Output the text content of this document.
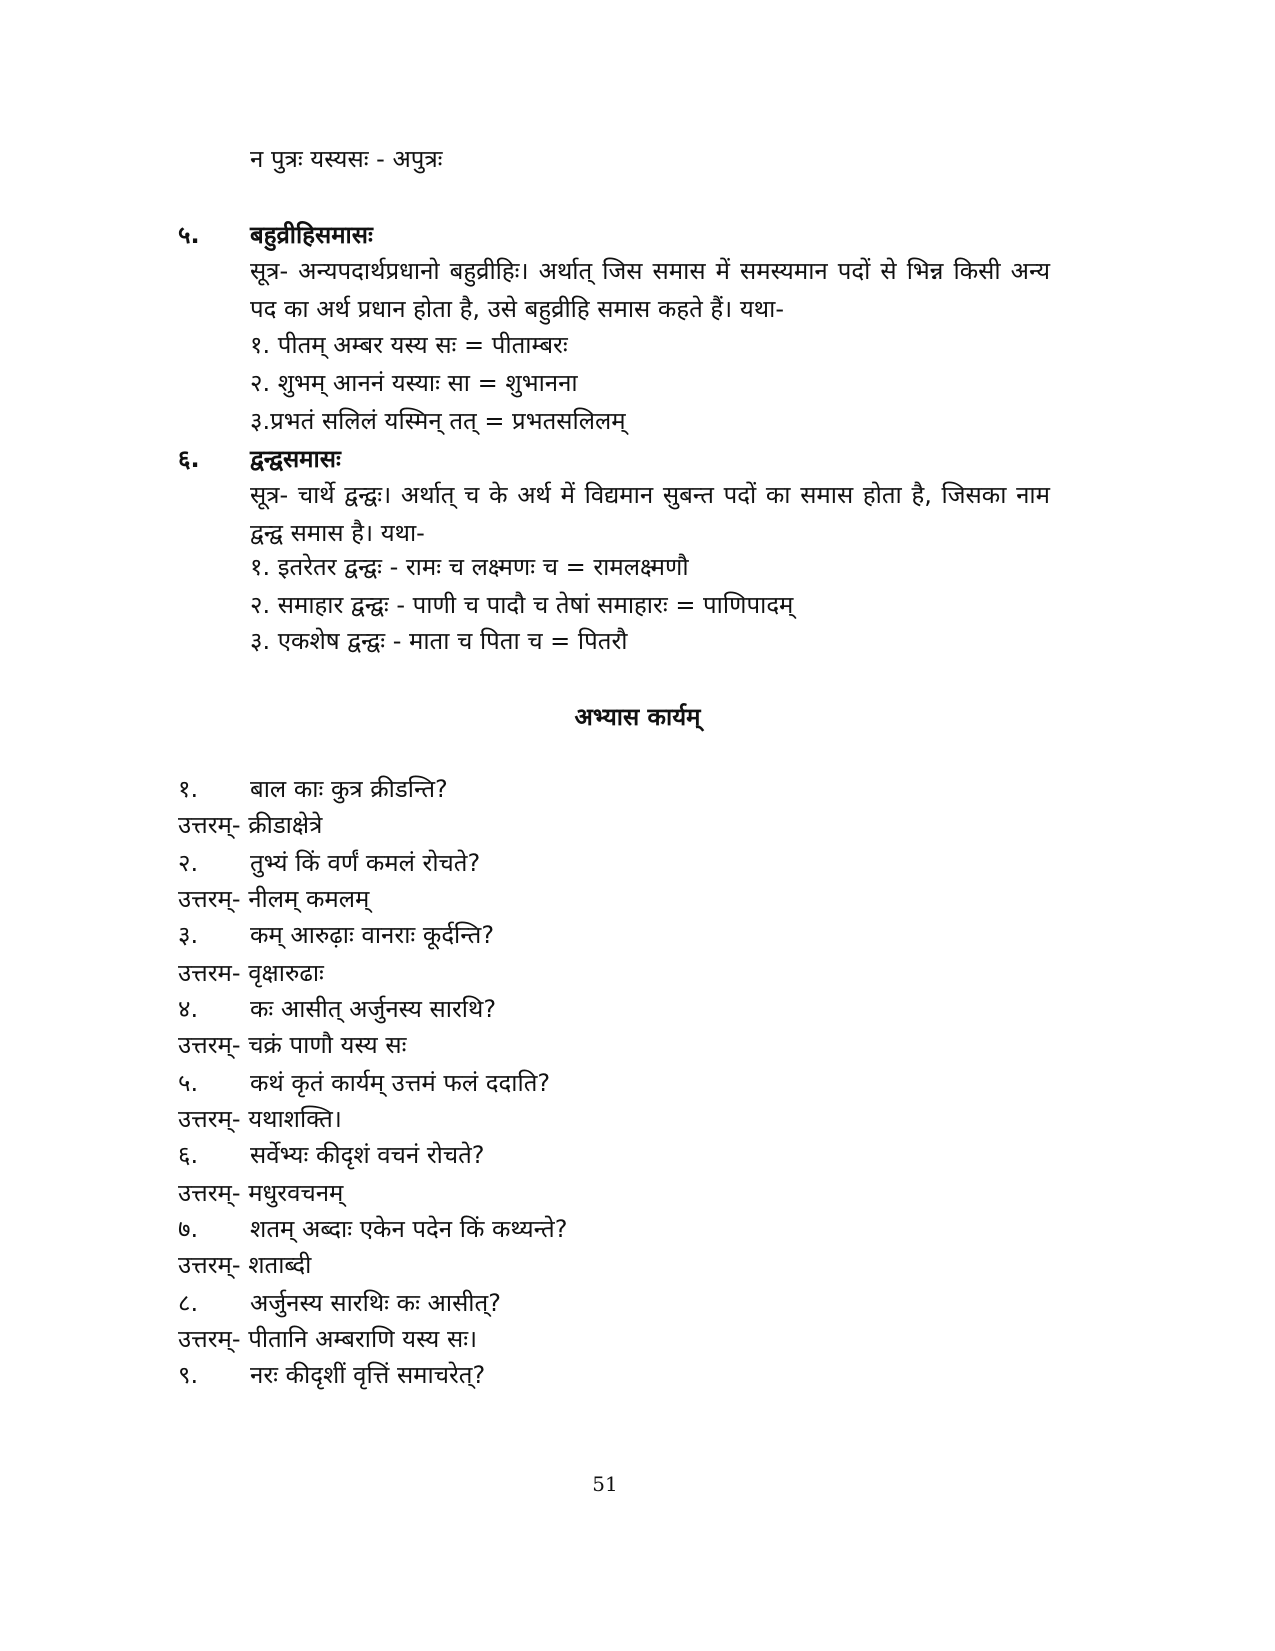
न पुत्रः यस्यसः - अपुत्रः
५. बहुव्रीहिसमासः
सूत्र- अन्यपदार्थप्रधानो बहुव्रीहिः। अर्थात् जिस समास में समस्यमान पदों से भिन्न किसी अन्य पद का अर्थ प्रधान होता है, उसे बहुव्रीहि समास कहते हैं। यथा-
१. पीतम् अम्बर यस्य सः = पीताम्बरः
२. शुभम् आननं यस्याः सा = शुभानना
३.प्रभतं सलिलं यस्मिन् तत् = प्रभतसलिलम्
६. द्वन्द्वसमासः
सूत्र- चार्थे द्वन्द्वः। अर्थात् च के अर्थ में विद्यमान सुबन्त पदों का समास होता है, जिसका नाम द्वन्द्व समास है। यथा-
१. इतरेतर द्वन्द्वः - रामः च लक्ष्मणः च = रामलक्ष्मणौ
२. समाहार द्वन्द्वः - पाणी च पादौ च तेषां समाहारः = पाणिपादम्
३. एकशेष द्वन्द्वः - माता च पिता च = पितरौ
अभ्यास कार्यम्
१. बाल काः कुत्र क्रीडन्ति?
उत्तरम्- क्रीडाक्षेत्रे
२. तुभ्यं किं वर्णं कमलं रोचते?
उत्तरम्- नीलम् कमलम्
३. कम् आरुढ़ाः वानराः कूर्दन्ति?
उत्तरम- वृक्षारुढाः
४. कः आसीत् अर्जुनस्य सारथि?
उत्तरम्- चक्रं पाणौ यस्य सः
५. कथं कृतं कार्यम् उत्तमं फलं ददाति?
उत्तरम्- यथाशक्ति।
६. सर्वेभ्यः कीदृशं वचनं रोचते?
उत्तरम्- मधुरवचनम्
७. शतम् अब्दाः एकेन पदेन किं कथ्यन्ते?
उत्तरम्- शताब्दी
८. अर्जुनस्य सारथिः कः आसीत्?
उत्तरम्- पीतानि अम्बराणि यस्य सः।
९. नरः कीदृशीं वृत्तिं समाचरेत्?
51
